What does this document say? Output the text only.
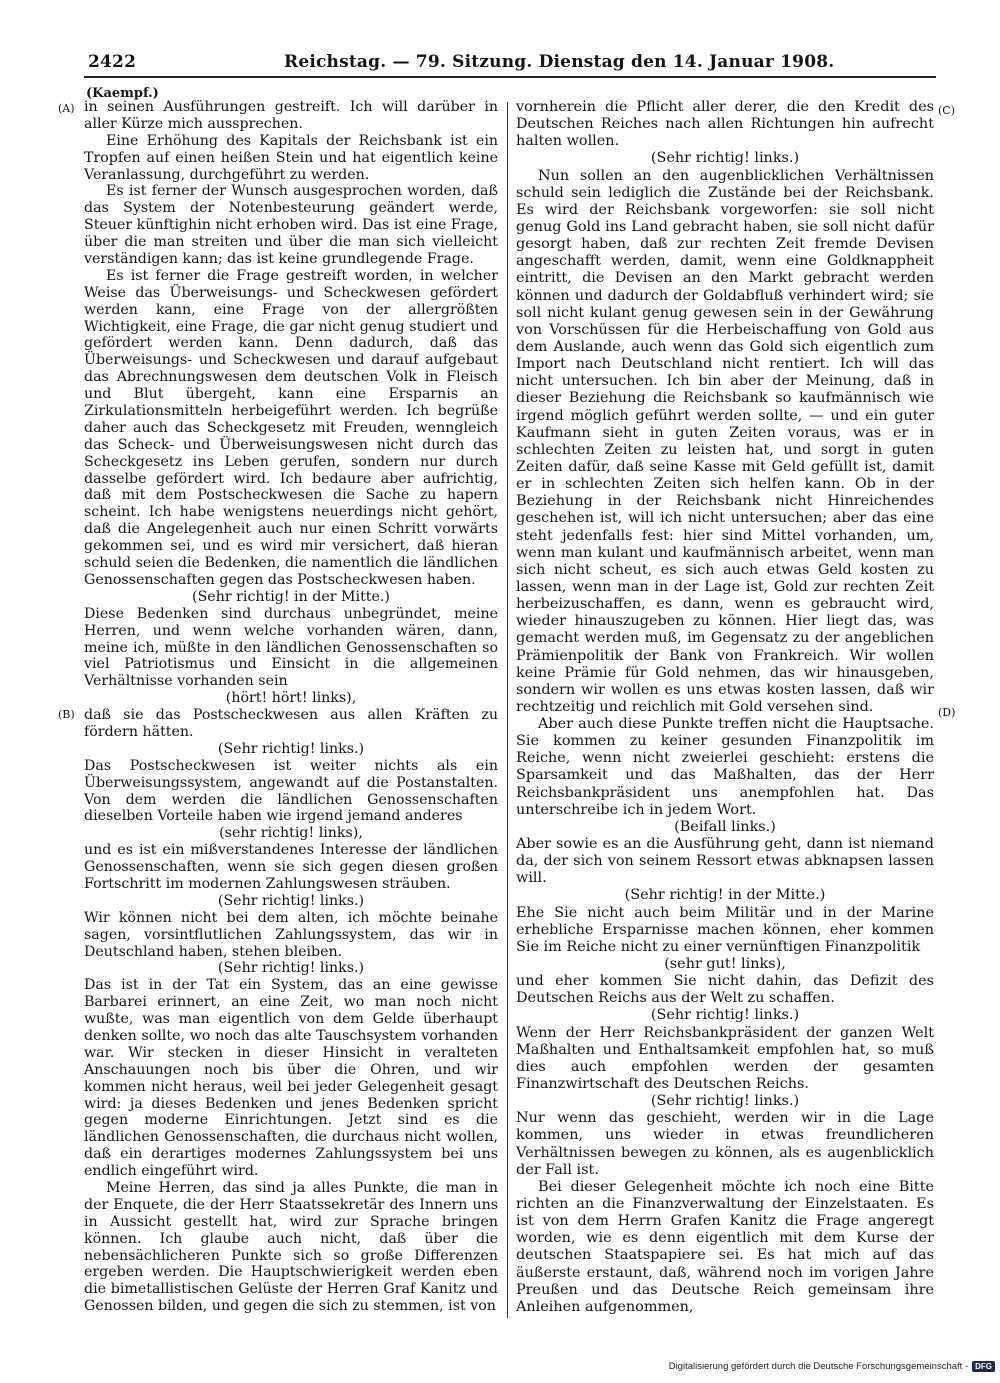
2422	Reichstag. — 79. Sitzung. Dienstag den 14. Januar 1908.
(Kaempf.)
(A)
(B)
(C)
(D)

in seinen Ausführungen gestreift. Ich will darüber in aller Kürze mich aussprechen.

Eine Erhöhung des Kapitals der Reichsbank ist ein Tropfen auf einen heißen Stein und hat eigentlich keine Veranlassung, durchgeführt zu werden.

Es ist ferner der Wunsch ausgesprochen worden, daß das System der Notenbesteurung geändert werde, Steuer künftighin nicht erhoben wird. Das ist eine Frage, über die man streiten und über die man sich vielleicht verständigen kann; das ist keine grundlegende Frage.

Es ist ferner die Frage gestreift worden, in welcher Weise das Überweisungs- und Scheckwesen gefördert werden kann, eine Frage von der allergrößten Wichtigkeit, eine Frage, die gar nicht genug studiert und gefördert werden kann. Denn dadurch, daß das Überweisungs- und Scheckwesen und darauf aufgebaut das Abrechnungswesen dem deutschen Volk in Fleisch und Blut übergeht, kann eine Ersparnis an Zirkulationsmitteln herbeigeführt werden. Ich begrüße daher auch das Scheckgesetz mit Freuden, wenngleich das Scheck- und Überweisungswesen nicht durch das Scheckgesetz ins Leben gerufen, sondern nur durch dasselbe gefördert wird. Ich bedaure aber aufrichtig, daß mit dem Postscheckwesen die Sache zu hapern scheint. Ich habe wenigstens neuerdings nicht gehört, daß die Angelegenheit auch nur einen Schritt vorwärts gekommen sei, und es wird mir versichert, daß hieran schuld seien die Bedenken, die namentlich die ländlichen Genossenschaften gegen das Postscheckwesen haben.

(Sehr richtig! in der Mitte.)

Diese Bedenken sind durchaus unbegründet, meine Herren, und wenn welche vorhanden wären, dann, meine ich, müßte in den ländlichen Genossenschaften so viel Patriotismus und Einsicht in die allgemeinen Verhältnisse vorhanden sein

(hört! hört! links),

daß sie das Postscheckwesen aus allen Kräften zu fördern hätten.

(Sehr richtig! links.)

Das Postscheckwesen ist weiter nichts als ein Überweisungssystem, angewandt auf die Postanstalten. Von dem werden die ländlichen Genossenschaften dieselben Vorteile haben wie irgend jemand anderes

(sehr richtig! links),

und es ist ein mißverstandenes Interesse der ländlichen Genossenschaften, wenn sie sich gegen diesen großen Fortschritt im modernen Zahlungswesen sträuben.

(Sehr richtig! links.)

Wir können nicht bei dem alten, ich möchte beinahe sagen, vorsintflutlichen Zahlungssystem, das wir in Deutschland haben, stehen bleiben.

(Sehr richtig! links.)

Das ist in der Tat ein System, das an eine gewisse Barbarei erinnert, an eine Zeit, wo man noch nicht wußte, was man eigentlich von dem Gelde überhaupt denken sollte, wo noch das alte Tauschsystem vorhanden war. Wir stecken in dieser Hinsicht in veralteten Anschauungen noch bis über die Ohren, und wir kommen nicht heraus, weil bei jeder Gelegenheit gesagt wird: ja dieses Bedenken und jenes Bedenken spricht gegen moderne Einrichtungen. Jetzt sind es die ländlichen Genossenschaften, die durchaus nicht wollen, daß ein derartiges modernes Zahlungssystem bei uns endlich eingeführt wird.

Meine Herren, das sind ja alles Punkte, die man in der Enquete, die der Herr Staatssekretär des Innern uns in Aussicht gestellt hat, wird zur Sprache bringen können. Ich glaube auch nicht, daß über die nebensächlicheren Punkte sich so große Differenzen ergeben werden. Die Hauptschwierigkeit werden eben die bimetallistischen Gelüste der Herren Graf Kanitz und Genossen bilden, und gegen die sich zu stemmen, ist von

vornherein die Pflicht aller derer, die den Kredit des Deutschen Reiches nach allen Richtungen hin aufrecht halten wollen.

(Sehr richtig! links.)

Nun sollen an den augenblicklichen Verhältnissen schuld sein lediglich die Zustände bei der Reichsbank. Es wird der Reichsbank vorgeworfen: sie soll nicht genug Gold ins Land gebracht haben, sie soll nicht dafür gesorgt haben, daß zur rechten Zeit fremde Devisen angeschafft werden, damit, wenn eine Goldknappheit eintritt, die Devisen an den Markt gebracht werden können und dadurch der Goldabfluß verhindert wird; sie soll nicht kulant genug gewesen sein in der Gewährung von Vorschüssen für die Herbeischaffung von Gold aus dem Auslande, auch wenn das Gold sich eigentlich zum Import nach Deutschland nicht rentiert. Ich will das nicht untersuchen. Ich bin aber der Meinung, daß in dieser Beziehung die Reichsbank so kaufmännisch wie irgend möglich geführt werden sollte, — und ein guter Kaufmann sieht in guten Zeiten voraus, was er in schlechten Zeiten zu leisten hat, und sorgt in guten Zeiten dafür, daß seine Kasse mit Geld gefüllt ist, damit er in schlechten Zeiten sich helfen kann. Ob in der Beziehung in der Reichsbank nicht Hinreichendes geschehen ist, will ich nicht untersuchen; aber das eine steht jedenfalls fest: hier sind Mittel vorhanden, um, wenn man kulant und kaufmännisch arbeitet, wenn man sich nicht scheut, es sich auch etwas Geld kosten zu lassen, wenn man in der Lage ist, Gold zur rechten Zeit herbeizuschaffen, es dann, wenn es gebraucht wird, wieder hinauszugeben zu können. Hier liegt das, was gemacht werden muß, im Gegensatz zu der angeblichen Prämienpolitik der Bank von Frankreich. Wir wollen keine Prämie für Gold nehmen, das wir hinausgeben, sondern wir wollen es uns etwas kosten lassen, daß wir rechtzeitig und reichlich mit Gold versehen sind.

Aber auch diese Punkte treffen nicht die Hauptsache. Sie kommen zu keiner gesunden Finanzpolitik im Reiche, wenn nicht zweierlei geschieht: erstens die Sparsamkeit und das Maßhalten, das der Herr Reichsbankpräsident uns anempfohlen hat. Das unterschreibe ich in jedem Wort.

(Beifall links.)

Aber sowie es an die Ausführung geht, dann ist niemand da, der sich von seinem Ressort etwas abknapsen lassen will.

(Sehr richtig! in der Mitte.)

Ehe Sie nicht auch beim Militär und in der Marine erhebliche Ersparnisse machen können, eher kommen Sie im Reiche nicht zu einer vernünftigen Finanzpolitik

(sehr gut! links),

und eher kommen Sie nicht dahin, das Defizit des Deutschen Reichs aus der Welt zu schaffen.

(Sehr richtig! links.)

Wenn der Herr Reichsbankpräsident der ganzen Welt Maßhalten und Enthaltsamkeit empfohlen hat, so muß dies auch empfohlen werden der gesamten Finanzwirtschaft des Deutschen Reichs.

(Sehr richtig! links.)

Nur wenn das geschieht, werden wir in die Lage kommen, uns wieder in etwas freundlicheren Verhältnissen bewegen zu können, als es augenblicklich der Fall ist.

Bei dieser Gelegenheit möchte ich noch eine Bitte richten an die Finanzverwaltung der Einzelstaaten. Es ist von dem Herrn Grafen Kanitz die Frage angeregt worden, wie es denn eigentlich mit dem Kurse der deutschen Staatspapiere sei. Es hat mich auf das äußerste erstaunt, daß, während noch im vorigen Jahre Preußen und das Deutsche Reich gemeinsam ihre Anleihen aufgenommen,

Digitalisierung gefördert durch die Deutsche Forschungsgemeinschaft - DFG
